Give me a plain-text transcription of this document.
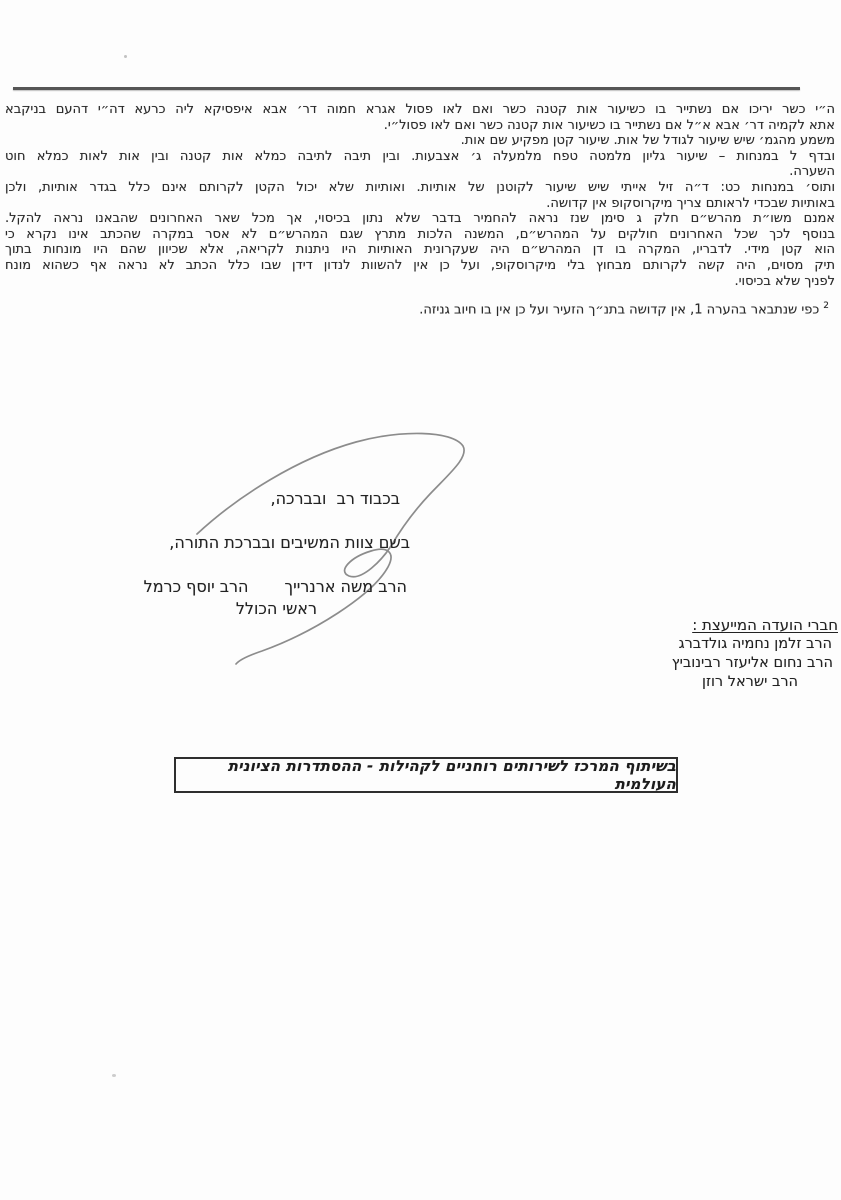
ה״י כשר יריכו אם נשתייר בו כשיעור אות קטנה כשר ואם לאו פסול אגרא חמוה דר׳ אבא איפסיקא ליה כרעא דה״י דהעם בניקבא
אתא לקמיה דר׳ אבא א״ל אם נשתייר בו כשיעור אות קטנה כשר ואם לאו פסול״י.
משמע מהגמ׳ שיש שיעור לגודל של אות. שיעור קטן מפקיע שם אות.
ובדף ל במנחות – שיעור גליון מלמטה טפח מלמעלה ג׳ אצבעות. ובין תיבה לתיבה כמלא אות קטנה ובין אות לאות כמלא חוט
השערה.
ותוס׳ במנחות כט: ד״ה זיל אייתי שיש שיעור לקוטנן של אותיות. ואותיות שלא יכול הקטן לקרותם אינם כלל בגדר אותיות, ולכן
באותיות שבכדי לראותם צריך מיקרוסקופ אין קדושה.
אמנם משו״ת מהרש״ם חלק ג סימן שנז נראה להחמיר בדבר שלא נתון בכיסוי, אך מכל שאר האחרונים שהבאנו נראה להקל.
בנוסף לכך שכל האחרונים חולקים על המהרש״ם, המשנה הלכות מתרץ שגם המהרש״ם לא אסר במקרה שהכתב אינו נקרא כי
הוא קטן מידי. לדבריו, המקרה בו דן המהרש״ם היה שעקרונית האותיות היו ניתנות לקריאה, אלא שכיוון שהם היו מונחות בתוך
תיק מסוים, היה קשה לקרותם מבחוץ בלי מיקרוסקופ, ועל כן אין להשוות לנדון דידן שבו כלל הכתב לא נראה אף כשהוא מונח
לפניך שלא בכיסוי.
$^2$כפי שנתבאר בהערה 1, אין קדושה בתנ״ך הזעיר ועל כן אין בו חיוב גניזה.
בכבוד רב  ובברכה,
בשם צוות המשיבים ובברכת התורה,
הרב משה ארנרייךהרב יוסף כרמל
ראשי הכולל
חברי הועדה המייעצת :
הרב זלמן נחמיה גולדברג
הרב נחום אליעזר רבינוביץ
הרב ישראל רוזן
בשיתוף המרכז לשירותים רוחניים לקהילות - ההסתדרות הציונית העולמית
